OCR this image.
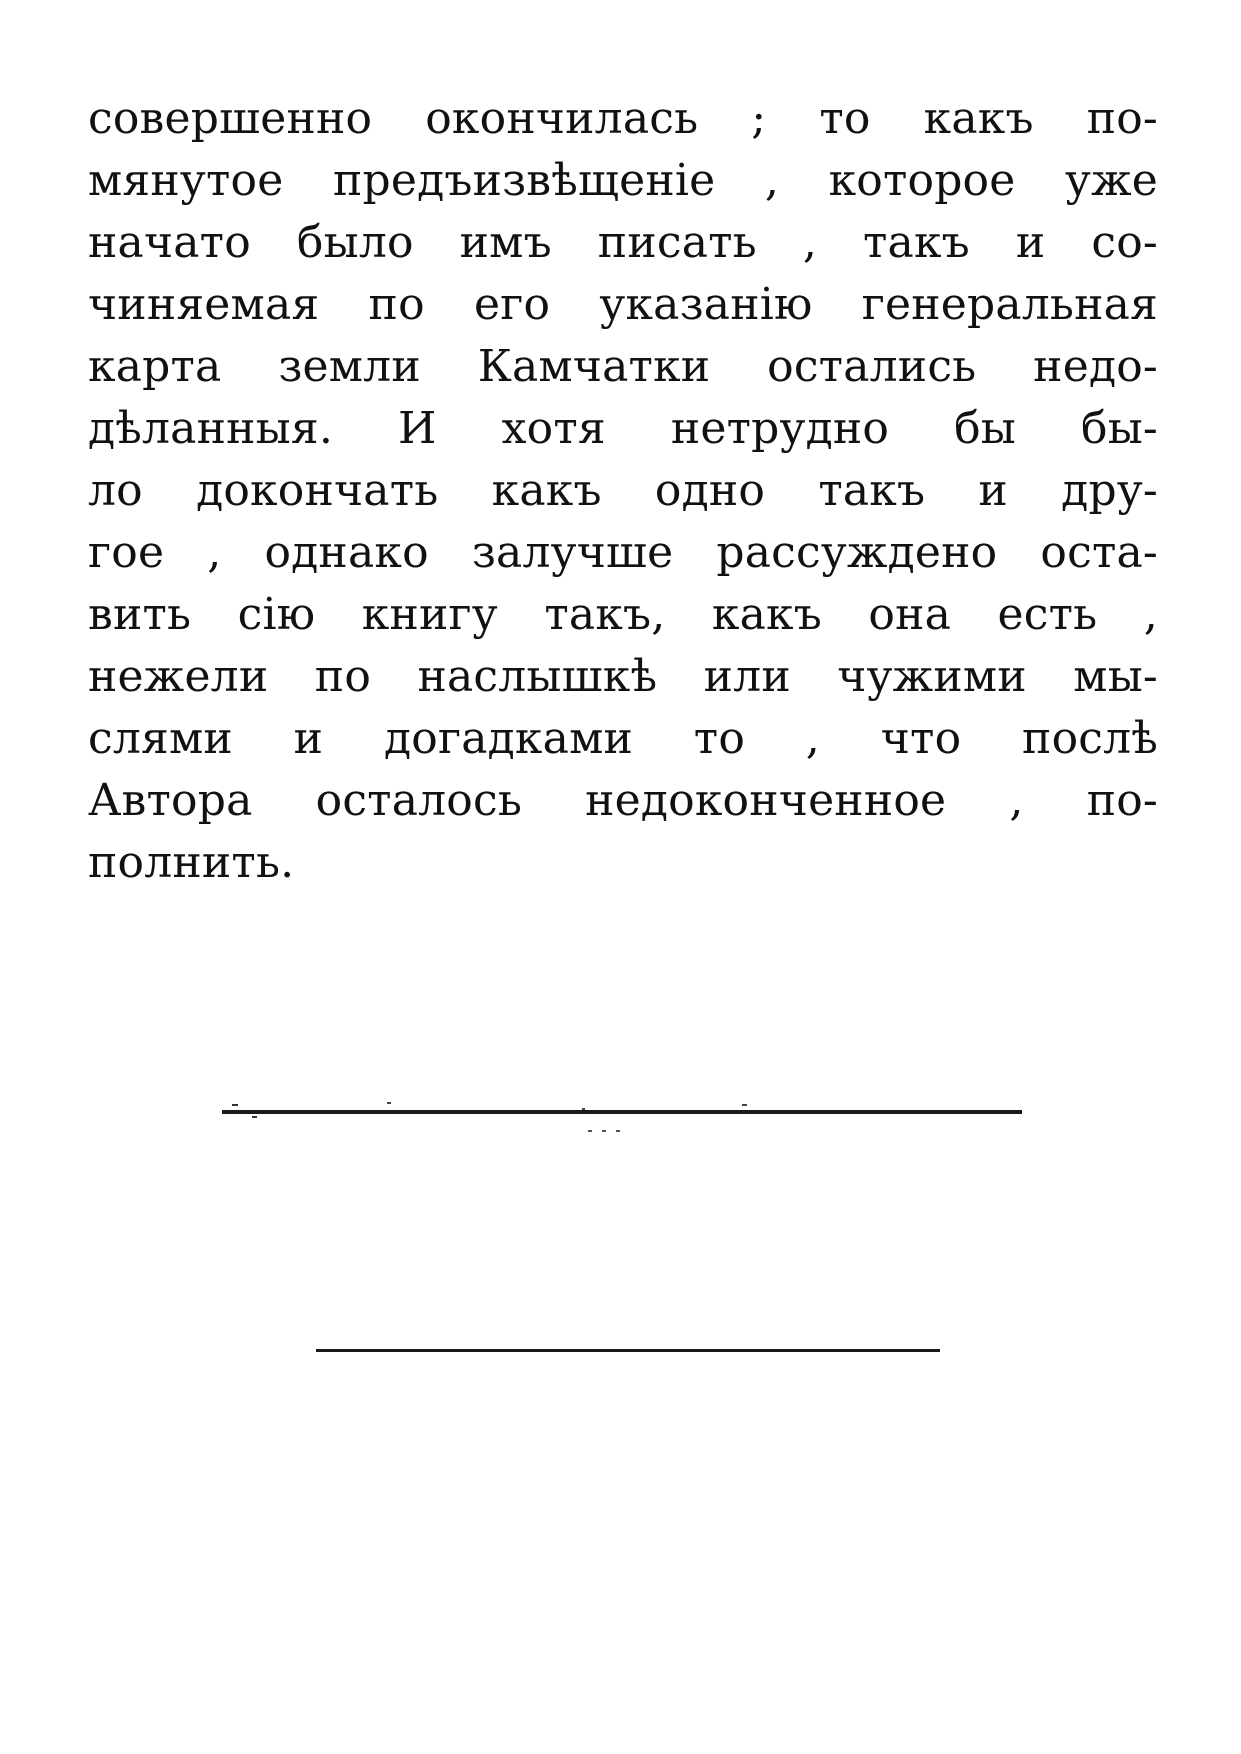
совершенно окончилась ; то какъ по-
мянутое предъизвѣщеніе , которое уже
начато было имъ писать , такъ и со-
чиняемая по его указанію генеральная
карта земли Камчатки остались недо-
дѣланныя. И хотя нетрудно бы бы-
ло докончать какъ одно такъ и дру-
гое , однако залучше рассуждено оста-
вить сію книгу такъ, какъ она есть ,
нежели по наслышкѣ или чужими мы-
слями и догадками то , что послѣ
Автора осталось недоконченное , по-
полнить.
